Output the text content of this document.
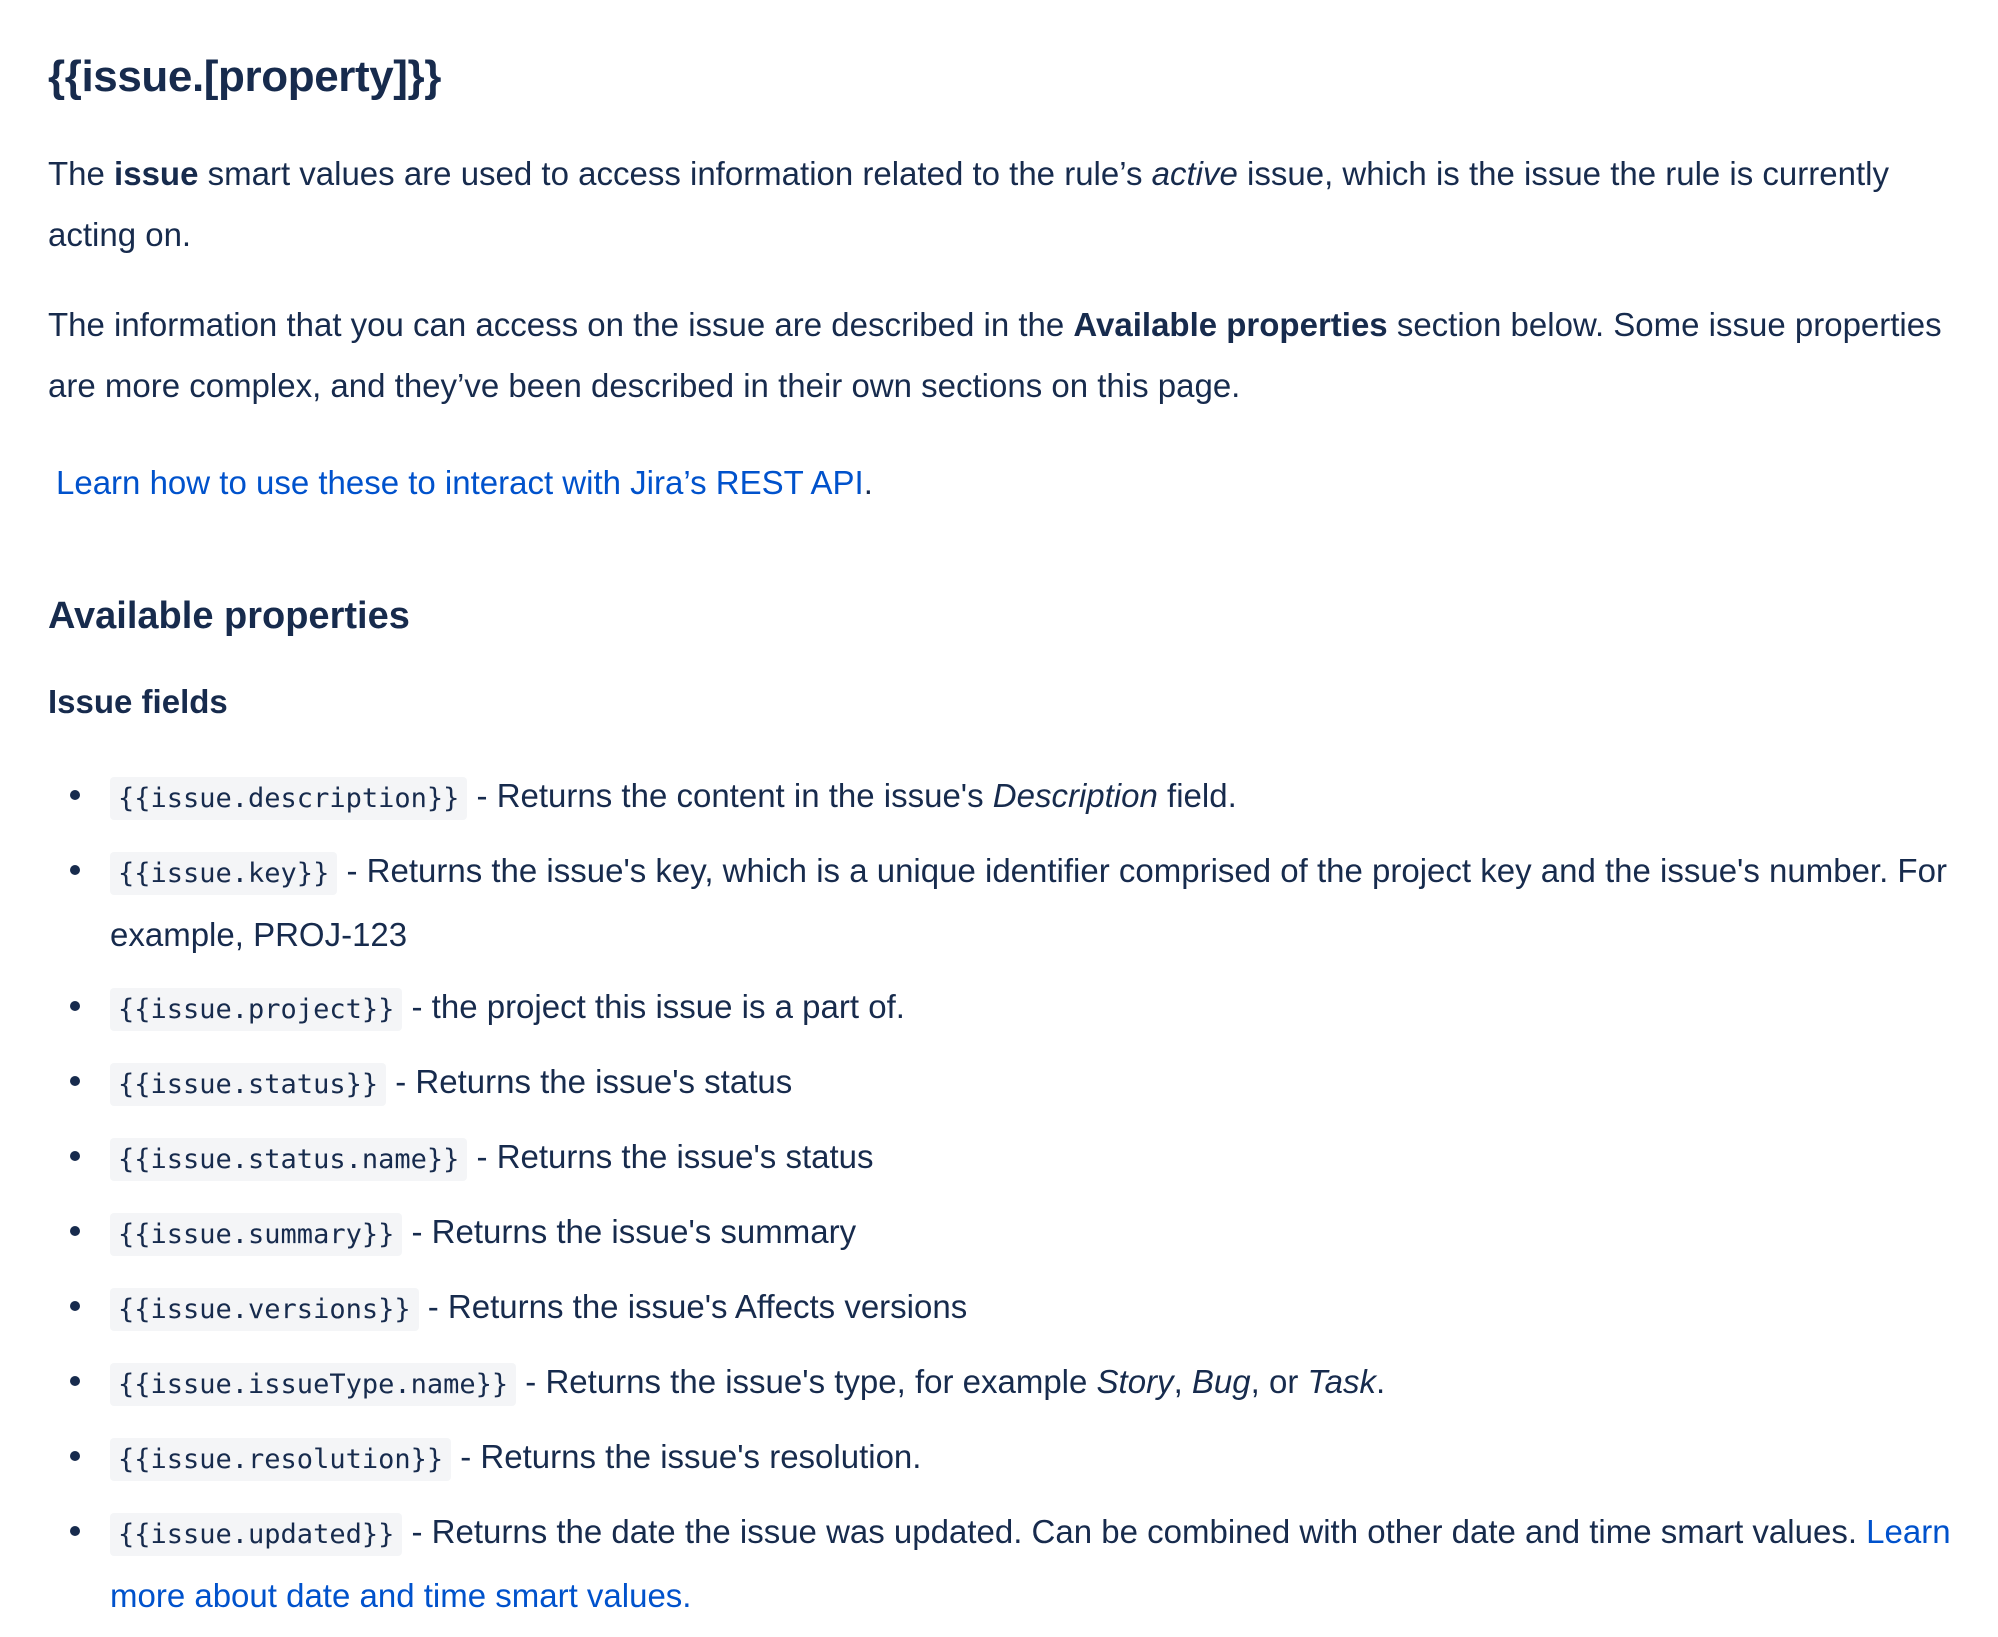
{{issue.[property]}}

The issue smart values are used to access information related to the rule’s active issue, which is the issue the rule is currently acting on.

The information that you can access on the issue are described in the Available properties section below. Some issue properties are more complex, and they’ve been described in their own sections on this page.

Learn how to use these to interact with Jira’s REST API.

Available properties
Issue fields
{{issue.description}} - Returns the content in the issue's Description field.
{{issue.key}} - Returns the issue's key, which is a unique identifier comprised of the project key and the issue's number. For example, PROJ-123
{{issue.project}} - the project this issue is a part of.
{{issue.status}} - Returns the issue's status
{{issue.status.name}} - Returns the issue's status
{{issue.summary}} - Returns the issue's summary
{{issue.versions}} - Returns the issue's Affects versions
{{issue.issueType.name}} - Returns the issue's type, for example Story, Bug, or Task.
{{issue.resolution}} - Returns the issue's resolution.
{{issue.updated}} - Returns the date the issue was updated. Can be combined with other date and time smart values. Learn more about date and time smart values.
